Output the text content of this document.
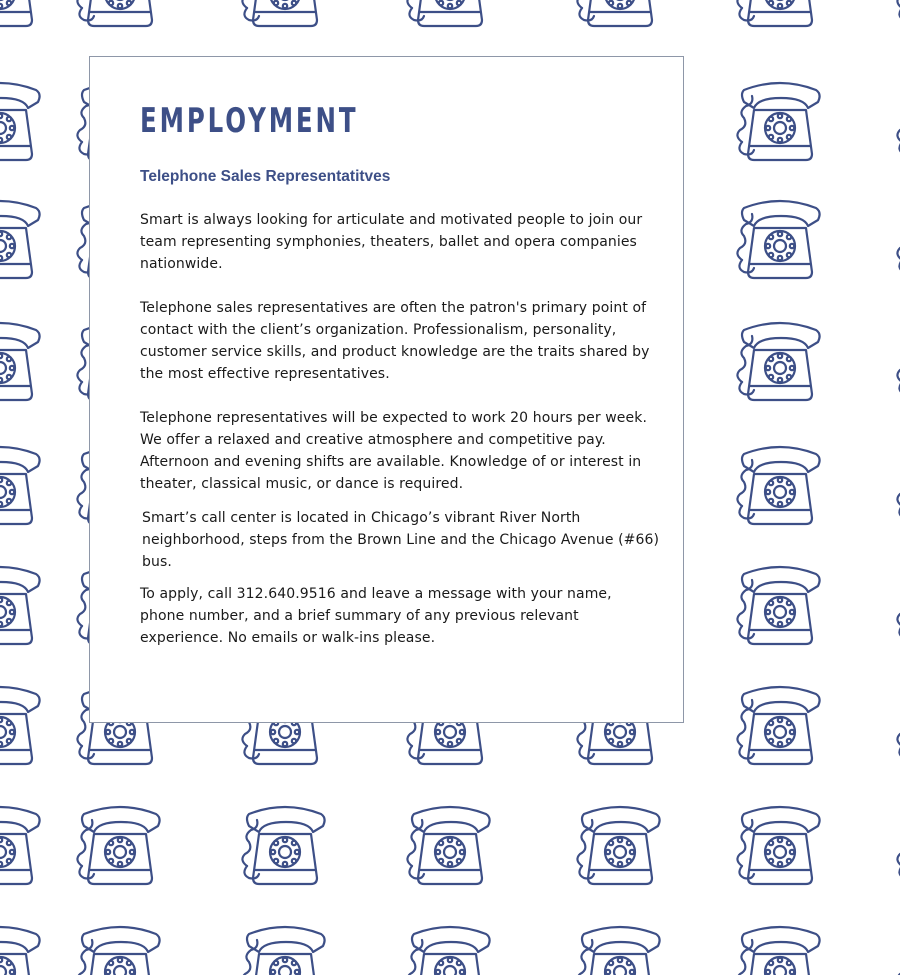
EMPLOYMENT
Telephone Sales Representatitves

Smart is always looking for articulate and motivated people to join our
team representing symphonies, theaters, ballet and opera companies
nationwide.

Telephone sales representatives are often the patron's primary point of
contact with the client’s organization. Professionalism, personality,
customer service skills, and product knowledge are the traits shared by
the most effective representatives.

Telephone representatives will be expected to work 20 hours per week.
We offer a relaxed and creative atmosphere and competitive pay.
Afternoon and evening shifts are available. Knowledge of or interest in
theater, classical music, or dance is required.

Smart’s call center is located in Chicago’s vibrant River North
neighborhood, steps from the Brown Line and the Chicago Avenue (#66)
bus.

To apply, call 312.640.9516 and leave a message with your name,
phone number, and a brief summary of any previous relevant
experience. No emails or walk-ins please.
